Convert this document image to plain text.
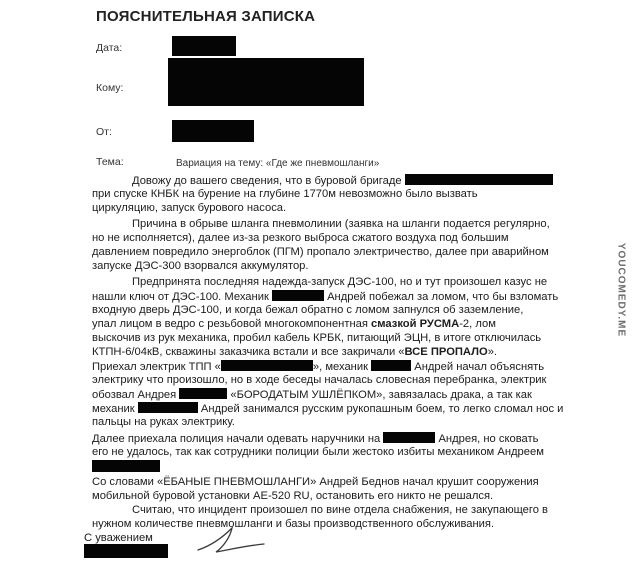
ПОЯСНИТЕЛЬНАЯ ЗАПИСКА
Дата:
Кому:
От:
Тема:	Вариация на тему: «Где же пневмошланги»
Довожу до вашего сведения, что в буровой бригаде
при спуске КНБК на бурение на глубине 1770м невозможно было вызвать
циркуляцию, запуск бурового насоса.
Причина в обрыве шланга пневмолинии (заявка на шланги подается регулярно,
но не исполняется), далее из-за резкого выброса сжатого воздуха под большим
давлением повредило энергоблок (ПГМ) пропало электричество, далее при аварийном
запуске ДЭС-300 взорвался аккумулятор.
Предпринята последняя надежда-запуск ДЭС-100, но и тут произошел казус не
нашли ключ от ДЭС-100. Механик	Андрей побежал за ломом, что бы взломать
входную дверь ДЭС-100, и когда бежал обратно с ломом запнулся об заземление,
упал лицом в ведро с резьбовой многокомпонентная смазкой РУСМА-2, лом
выскочив из рук механика, пробил кабель КРБК, питающий ЭЦН, в итоге отключилась
КТПН-6/04кВ, скважины заказчика встали и все закричали «ВСЕ ПРОПАЛО».
Приехал электрик ТПП «	», механик	Андрей начал объяснять
электрику что произошло, но в ходе беседы началась словесная перебранка, электрик
обозвал Андрея	«БОРОДАТЫМ УШЛЁПКОМ», завязалась драка, а так как
механик	Андрей занимался русским рукопашным боем, то легко сломал нос и
пальцы на руках электрику.
Далее приехала полиция начали одевать наручники на	Андрея, но сковать
его не удалось, так как сотрудники полиции были жестоко избиты механиком Андреем
Со словами «ЁБАНЫЕ ПНЕВМОШЛАНГИ» Андрей Беднов начал крушит сооружения
мобильной буровой установки АЕ-520 RU, остановить его никто не решался.
Считаю, что инцидент произошел по вине отдела снабжения, не закупающего в
нужном количестве пневмошланги и базы производственного обслуживания.
С уважением
YOUCOMEDY.ME
